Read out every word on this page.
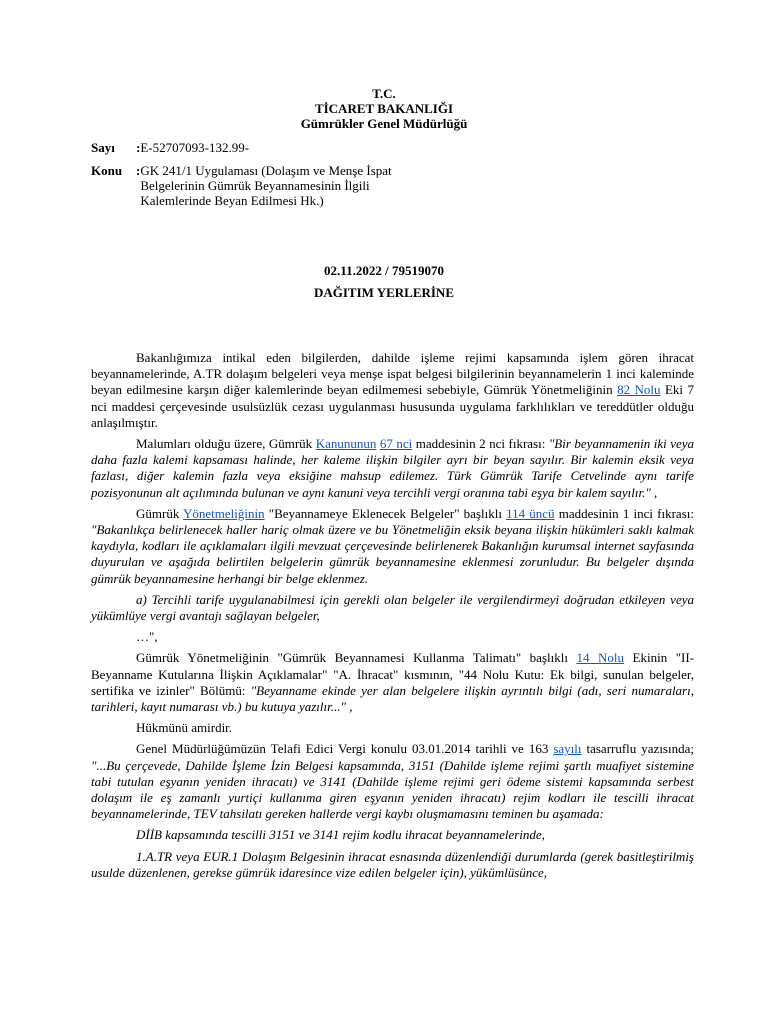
T.C.
TİCARET BAKANLIĞI
Gümrükler Genel Müdürlüğü
Sayı	: E-52707093-132.99-
Konu	: GK 241/1 Uygulaması (Dolaşım ve Menşe İspat Belgelerinin Gümrük Beyannamesinin İlgili Kalemlerinde Beyan Edilmesi Hk.)
02.11.2022 / 79519070
DAĞITIM YERLERİNE

Bakanlığımıza intikal eden bilgilerden, dahilde işleme rejimi kapsamında işlem gören ihracat beyannamelerinde, A.TR dolaşım belgeleri veya menşe ispat belgesi bilgilerinin beyannamelerin 1 inci kaleminde beyan edilmesine karşın diğer kalemlerinde beyan edilmemesi sebebiyle, Gümrük Yönetmeliğinin 82 Nolu Eki 7 nci maddesi çerçevesinde usulsüzlük cezası uygulanması hususunda uygulama farklılıkları ve tereddütler olduğu anlaşılmıştır.

Malumları olduğu üzere, Gümrük Kanununun 67 nci maddesinin 2 nci fıkrası: "Bir beyannamenin iki veya daha fazla kalemi kapsaması halinde, her kaleme ilişkin bilgiler ayrı bir beyan sayılır. Bir kalemin eksik veya fazlası, diğer kalemin fazla veya eksiğine mahsup edilemez. Türk Gümrük Tarife Cetvelinde aynı tarife pozisyonunun alt açılımında bulunan ve aynı kanuni veya tercihli vergi oranına tabi eşya bir kalem sayılır." ,

Gümrük Yönetmeliğinin "Beyannameye Eklenecek Belgeler" başlıklı 114 üncü maddesinin 1 inci fıkrası: "Bakanlıkça belirlenecek haller hariç olmak üzere ve bu Yönetmeliğin eksik beyana ilişkin hükümleri saklı kalmak kaydıyla, kodları ile açıklamaları ilgili mevzuat çerçevesinde belirlenerek Bakanlığın kurumsal internet sayfasında duyurulan ve aşağıda belirtilen belgelerin gümrük beyannamesine eklenmesi zorunludur. Bu belgeler dışında gümrük beyannamesine herhangi bir belge eklenmez.

a) Tercihli tarife uygulanabilmesi için gerekli olan belgeler ile vergilendirmeyi doğrudan etkileyen veya yükümlüye vergi avantajı sağlayan belgeler,

…",

Gümrük Yönetmeliğinin "Gümrük Beyannamesi Kullanma Talimatı" başlıklı 14 Nolu Ekinin "II-Beyanname Kutularına İlişkin Açıklamalar" "A. İhracat" kısmının, "44 Nolu Kutu: Ek bilgi, sunulan belgeler, sertifika ve izinler" Bölümü: "Beyanname ekinde yer alan belgelere ilişkin ayrıntılı bilgi (adı, seri numaraları, tarihleri, kayıt numarası vb.) bu kutuya yazılır..." ,

Hükmünü amirdir.

Genel Müdürlüğümüzün Telafi Edici Vergi konulu 03.01.2014 tarihli ve 163 sayılı tasarruflu yazısında; "...Bu çerçevede, Dahilde İşleme İzin Belgesi kapsamında, 3151 (Dahilde işleme rejimi şartlı muafiyet sistemine tabi tutulan eşyanın yeniden ihracatı) ve 3141 (Dahilde işleme rejimi geri ödeme sistemi kapsamında serbest dolaşım ile eş zamanlı yurtiçi kullanıma giren eşyanın yeniden ihracatı) rejim kodları ile tescilli ihracat beyannamelerinde, TEV tahsilatı gereken hallerde vergi kaybı oluşmamasını teminen bu aşamada:

DİİB kapsamında tescilli 3151 ve 3141 rejim kodlu ihracat beyannamelerinde,

1.A.TR veya EUR.1 Dolaşım Belgesinin ihracat esnasında düzenlendiği durumlarda (gerek basitleştirilmiş usulde düzenlenen, gerekse gümrük idaresince vize edilen belgeler için), yükümlüsünce,
